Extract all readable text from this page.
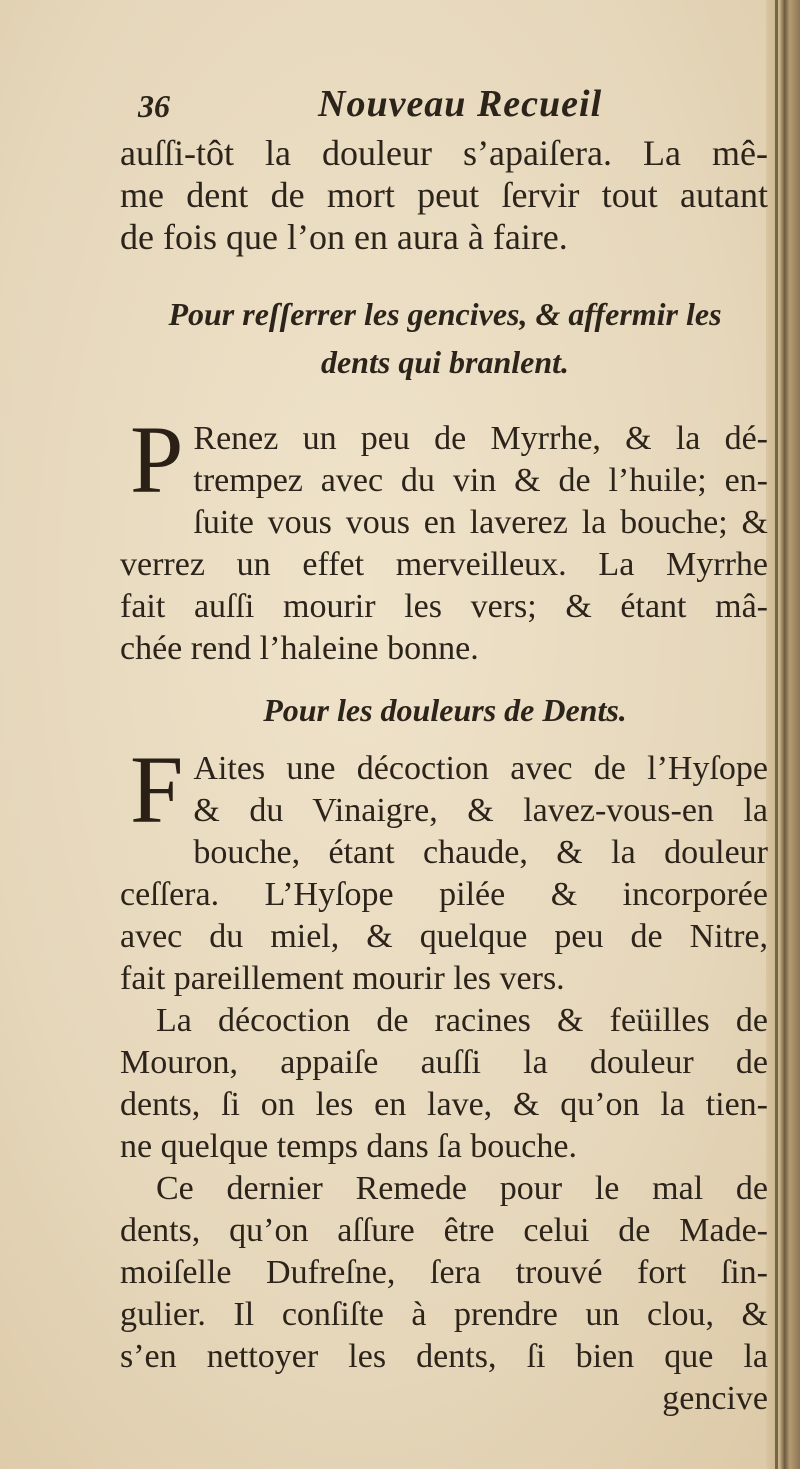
36	Nouveau Recueil
auſſi-tôt la douleur s’apaiſera. La mê-
me dent de mort peut ſervir tout autant
de fois que l’on en aura à faire.
Pour reſſerrer les gencives, & affermir les
dents qui branlent.
P Renez un peu de Myrrhe, & la dé-
trempez avec du vin & de l’huile; en-
ſuite vous vous en laverez la bouche; &
verrez un effet merveilleux. La Myrrhe
fait auſſi mourir les vers; & étant mâ-
chée rend l’haleine bonne.
Pour les douleurs de Dents.
F Aites une décoction avec de l’Hyſope
& du Vinaigre, & lavez-vous-en la
bouche, étant chaude, & la douleur
ceſſera. L’Hyſope pilée & incorporée
avec du miel, & quelque peu de Nitre,
fait pareillement mourir les vers.
La décoction de racines & feüilles de
Mouron, appaiſe auſſi la douleur de
dents, ſi on les en lave, & qu’on la tien-
ne quelque temps dans ſa bouche.
Ce dernier Remede pour le mal de
dents, qu’on aſſure être celui de Made-
moiſelle Dufreſne, ſera trouvé fort ſin-
gulier. Il conſiſte à prendre un clou, &
s’en nettoyer les dents, ſi bien que la
gencive
